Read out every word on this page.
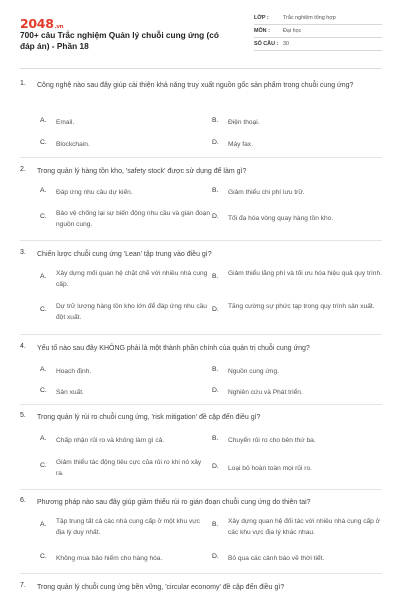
2048.vn
700+ câu Trắc nghiệm Quản lý chuỗi cung ứng (có đáp án) - Phần 18
LỚP :	Trắc nghiệm tổng hợp
MÔN : Đại học
SỐ CÂU : 30
1. Công nghệ nào sau đây giúp cải thiện khả năng truy xuất nguồn gốc sản phẩm trong chuỗi cung ứng?
A. Email.	B. Điện thoại.
C. Blockchain.	D. Máy fax.
2. Trong quản lý hàng tồn kho, 'safety stock' được sử dụng để làm gì?
A. Đáp ứng nhu cầu dự kiến.	B. Giảm thiểu chi phí lưu trữ.
C. Bảo vệ chống lại sự biến động nhu cầu và gián đoạn nguồn cung.
D. Tối đa hóa vòng quay hàng tồn kho.
3. Chiến lược chuỗi cung ứng 'Lean' tập trung vào điều gì?
A. Xây dựng mối quan hệ chặt chẽ với nhiều nhà cung cấp.
B. Giảm thiểu lãng phí và tối ưu hóa hiệu quả quy trình.
C. Dự trữ lượng hàng tồn kho lớn để đáp ứng nhu cầu đột xuất.
D. Tăng cường sự phức tạp trong quy trình sản xuất.
4. Yếu tố nào sau đây KHÔNG phải là một thành phần chính của quản trị chuỗi cung ứng?
A. Hoạch định.	B. Nguồn cung ứng.
C. Sản xuất.	D. Nghiên cứu và Phát triển.
5. Trong quản lý rủi ro chuỗi cung ứng, 'risk mitigation' đề cập đến điều gì?
A. Chấp nhận rủi ro và không làm gì cả.	B. Chuyển rủi ro cho bên thứ ba.
C. Giảm thiểu tác động tiêu cực của rủi ro khi nó xảy ra.
D. Loại bỏ hoàn toàn mọi rủi ro.
6. Phương pháp nào sau đây giúp giảm thiểu rủi ro gián đoạn chuỗi cung ứng do thiên tai?
A. Tập trung tất cả các nhà cung cấp ở một khu vực địa lý duy nhất.
B. Xây dựng quan hệ đối tác với nhiều nhà cung cấp ở các khu vực địa lý khác nhau.
C. Không mua bảo hiểm cho hàng hóa.	D. Bỏ qua các cảnh báo về thời tiết.
7. Trong quản lý chuỗi cung ứng bền vững, 'circular economy' đề cập đến điều gì?
